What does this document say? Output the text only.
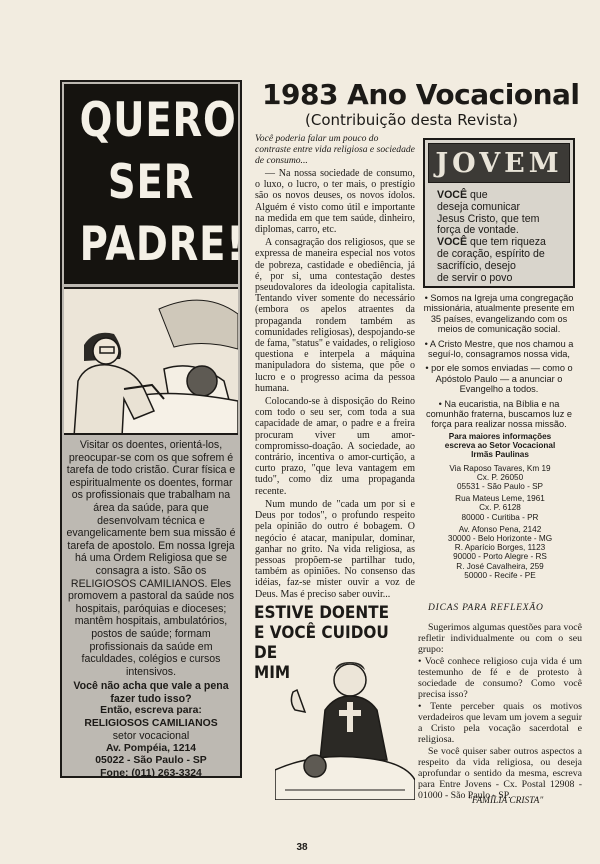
QUERO
SER
PADRE!

Visitar os doentes, orientá-los, preocupar-se com os que sofrem é tarefa de todo cristão. Curar física e espiritualmente os doentes, formar os profissionais que trabalham na área da saúde, para que desenvolvam técnica e evangelicamente bem sua missão é tarefa de apostolo. Em nossa Igreja há uma Ordem Religiosa que se consagra a isto. São os RELIGIOSOS CAMILIANOS. Eles promovem a pastoral da saúde nos hospitais, paróquias e dioceses; mantêm hospitais, ambulatórios, postos de saúde; formam profissionais da saúde em faculdades, colégios e cursos intensivos.

Você não acha que vale a pena fazer tudo isso?

Então, escreva para:

RELIGIOSOS CAMILIANOS

setor vocacional

Av. Pompéia, 1214

05022 - São Paulo - SP

Fone: (011) 263-3324

1983 Ano Vocacional
(Contribuição desta Revista)

Você poderia falar um pouco do contraste entre vida religiosa e sociedade de consumo...

— Na nossa sociedade de consumo, o luxo, o lucro, o ter mais, o prestígio são os novos deuses, os novos ídolos. Alguém é visto como útil e importante na medida em que tem saúde, dinheiro, diplomas, carro, etc.

A consagração dos religiosos, que se expressa de maneira especial nos votos de pobreza, castidade e obediência, já é, por si, uma contestação destes pseudovalores da ideologia capitalista. Tentando viver somente do necessário (embora os apelos atraentes da propaganda rondem também as comunidades religiosas), despojando-se de fama, "status" e vaidades, o religioso questiona e interpela a máquina manipuladora do sistema, que põe o lucro e o progresso acima da pessoa humana.

Colocando-se à disposição do Reino com todo o seu ser, com toda a sua capacidade de amar, o padre e a freira procuram viver um amor-compromisso-doação. A sociedade, ao contrário, incentiva o amor-curtição, a curto prazo, "que leva vantagem em tudo", como diz uma propaganda recente.

Num mundo de "cada um por si e Deus por todos", o profundo respeito pela opinião do outro é bobagem. O negócio é atacar, manipular, dominar, ganhar no grito. Na vida religiosa, as pessoas propõem-se partilhar tudo, também as opiniões. No consenso das idéias, faz-se mister ouvir a voz de Deus. Mas é preciso saber ouvir...

ESTIVE DOENTE
E VOCÊ CUIDOU
DE
MIM
JOVEM
VOCÊ que
deseja comunicar
Jesus Cristo, que tem
força de vontade.
VOCÊ que tem riqueza
de coração, espírito de
sacrifício, desejo
de servir o povo

• Somos na Igreja uma congregação missionária, atualmente presente em 35 países, evangelizando com os meios de comunicação social.

• A Cristo Mestre, que nos chamou a seguí-lo, consagramos nossa vida,

• por ele somos enviadas — como o Apóstolo Paulo — a anunciar o Evangelho a todos.

• Na eucaristia, na Bíblia e na comunhão fraterna, buscamos luz e força para realizar nossa missão.

Para maiores informações
escreva ao Setor Vocacional
Irmãs Paulinas
Via Raposo Tavares, Km 19
Cx. P. 26050
05531 - São Paulo - SP
Rua Mateus Leme, 1961
Cx. P. 6128
80000 - Curitiba - PR
Av. Afonso Pena, 2142
30000 - Belo Horizonte - MG
R. Aparício Borges, 1123
90000 - Porto Alegre - RS
R. José Cavalheira, 259
50000 - Recife - PE
DICAS PARA REFLEXÃO

Sugerimos algumas questões para você refletir individualmente ou com o seu grupo:

• Você conhece religioso cuja vida é um testemunho de fé e de protesto à sociedade de consumo? Como você precisa isso?

• Tente perceber quais os motivos verdadeiros que levam um jovem a seguir a Cristo pela vocação sacerdotal e religiosa.

Se você quiser saber outros aspectos a respeito da vida religiosa, ou deseja aprofundar o sentido da mesma, escreva para Entre Jovens - Cx. Postal 12908 - 01000 - São Paulo - SP.

"FAMÍLIA CRISTA"
38
